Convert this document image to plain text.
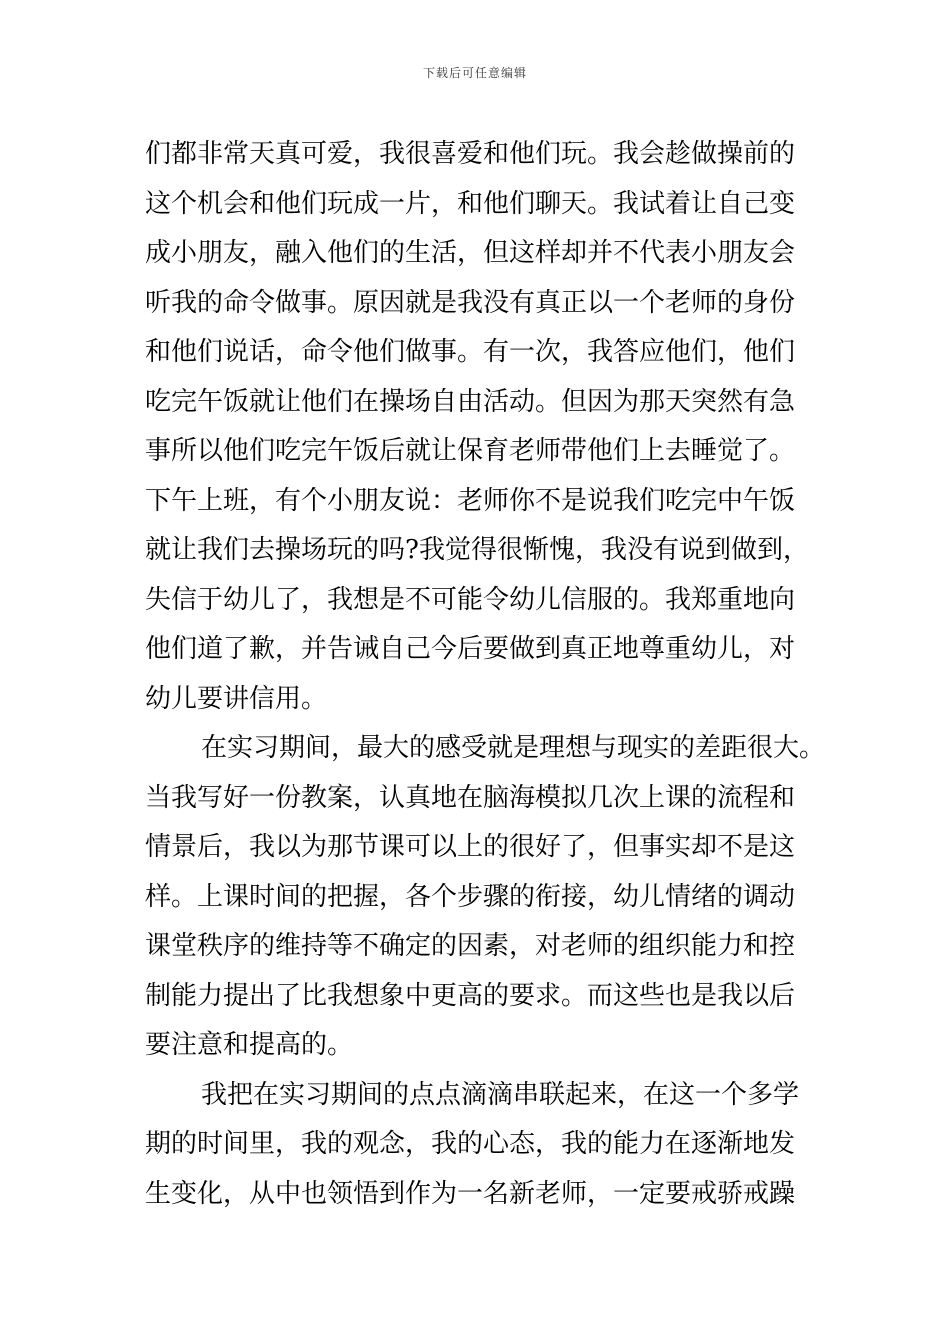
下载后可任意编辑
们都非常天真可爱，我很喜爱和他们玩。我会趁做操前的
这个机会和他们玩成一片，和他们聊天。我试着让自己变
成小朋友，融入他们的生活，但这样却并不代表小朋友会
听我的命令做事。原因就是我没有真正以一个老师的身份
和他们说话，命令他们做事。有一次，我答应他们，他们
吃完午饭就让他们在操场自由活动。但因为那天突然有急
事所以他们吃完午饭后就让保育老师带他们上去睡觉了。
下午上班，有个小朋友说：老师你不是说我们吃完中午饭
就让我们去操场玩的吗?我觉得很惭愧，我没有说到做到，
失信于幼儿了，我想是不可能令幼儿信服的。我郑重地向
他们道了歉，并告诫自己今后要做到真正地尊重幼儿，对
幼儿要讲信用。
在实习期间，最大的感受就是理想与现实的差距很大。
当我写好一份教案，认真地在脑海模拟几次上课的流程和
情景后，我以为那节课可以上的很好了，但事实却不是这
样。上课时间的把握，各个步骤的衔接，幼儿情绪的调动
课堂秩序的维持等不确定的因素，对老师的组织能力和控
制能力提出了比我想象中更高的要求。而这些也是我以后
要注意和提高的。
我把在实习期间的点点滴滴串联起来，在这一个多学
期的时间里，我的观念，我的心态，我的能力在逐渐地发
生变化，从中也领悟到作为一名新老师，一定要戒骄戒躁
